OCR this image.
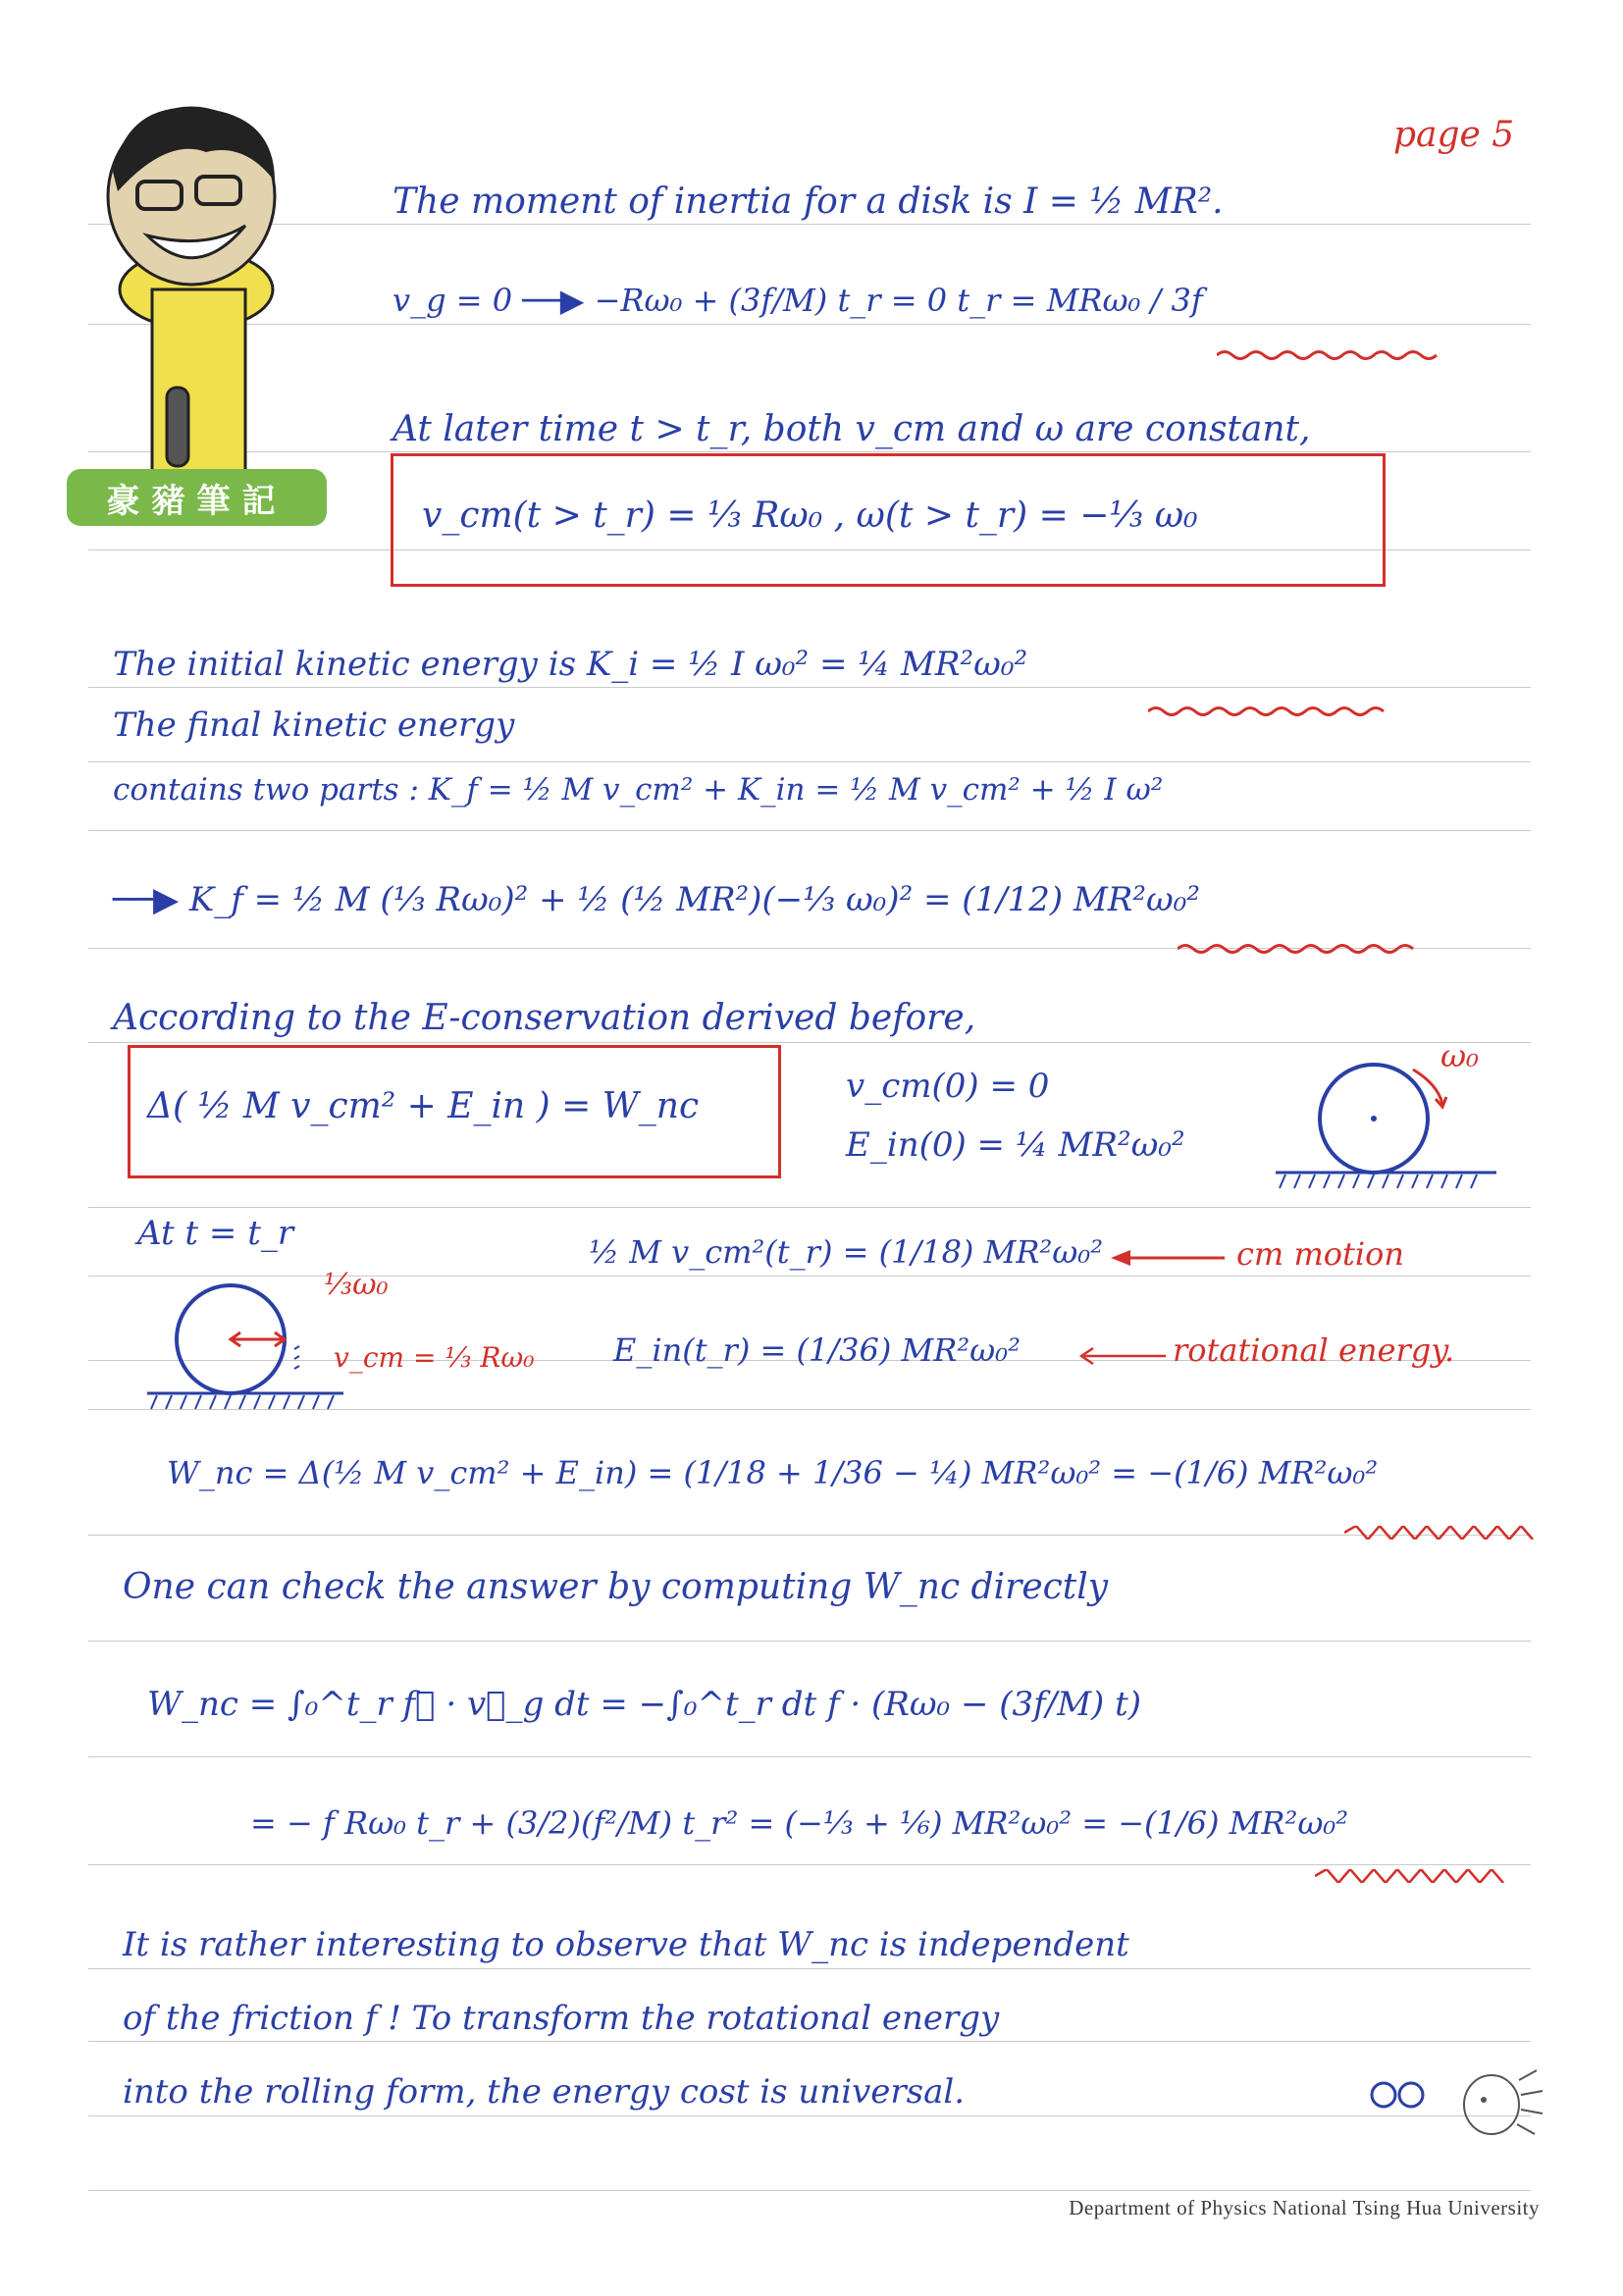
豪豬筆記
page 5
The moment of inertia for a disk is I = ½ MR².
v_g = 0 ──▶ −Rω₀ + (3f/M) t_r = 0 t_r = MRω₀ / 3f
At later time t > t_r, both v_cm and ω are constant,
v_cm(t > t_r) = ⅓ Rω₀ , ω(t > t_r) = −⅓ ω₀
The initial kinetic energy is K_i = ½ I ω₀² = ¼ MR²ω₀²
The final kinetic energy
contains two parts : K_f = ½ M v_cm² + K_in = ½ M v_cm² + ½ I ω²
──▶ K_f = ½ M (⅓ Rω₀)² + ½ (½ MR²)(−⅓ ω₀)² = (1/12) MR²ω₀²
According to the E-conservation derived before,
Δ( ½ M v_cm² + E_in ) = W_nc	v_cm(0) = 0
E_in(0) = ¼ MR²ω₀²
ω₀
At t = t_r	½ M v_cm²(t_r) = (1/18) MR²ω₀²	cm motion
E_in(t_r) = (1/36) MR²ω₀²	rotational energy.
⅓ω₀
v_cm = ⅓ Rω₀
W_nc = Δ(½ M v_cm² + E_in) = (1/18 + 1/36 − ¼) MR²ω₀² = −(1/6) MR²ω₀²
One can check the answer by computing W_nc directly
W_nc = ∫₀^t_r f⃗ · v⃗_g dt = −∫₀^t_r dt f · (Rω₀ − (3f/M) t)
= − f Rω₀ t_r + (3/2)(f²/M) t_r² = (−⅓ + ⅙) MR²ω₀² = −(1/6) MR²ω₀²
It is rather interesting to observe that W_nc is independent
of the friction f ! To transform the rotational energy
into the rolling form, the energy cost is universal.
Department of Physics National Tsing Hua University
